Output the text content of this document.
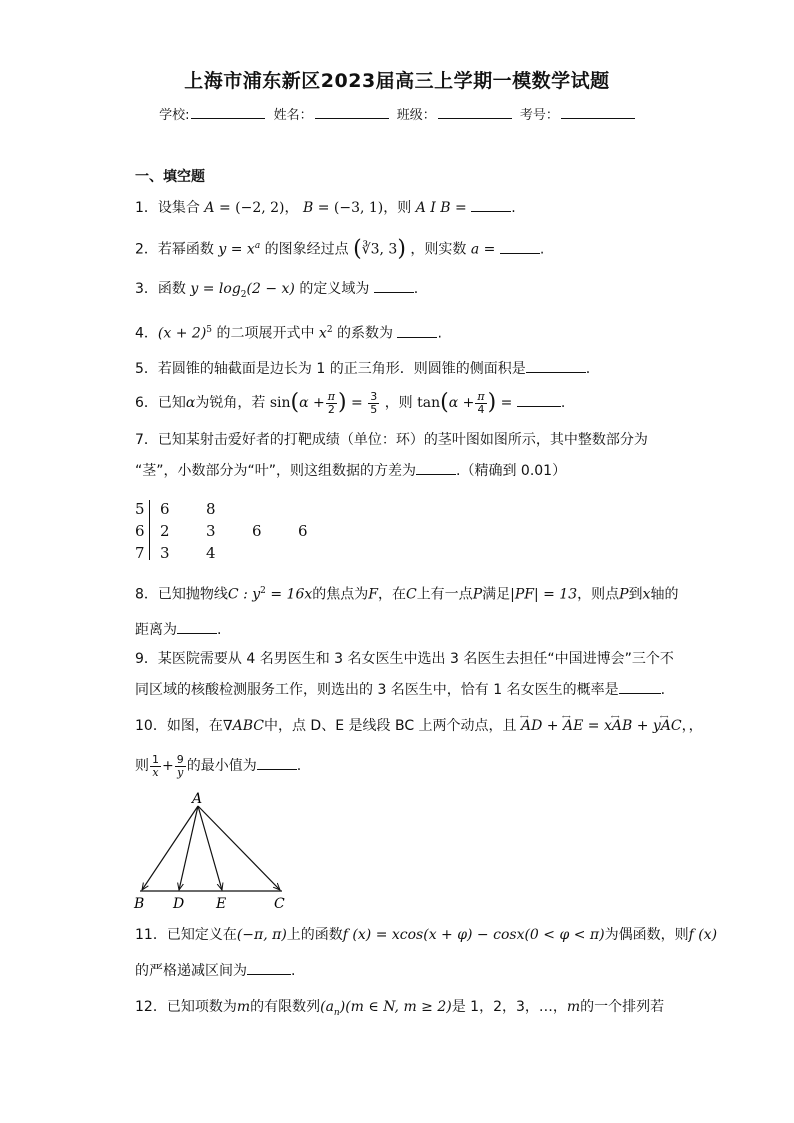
上海市浦东新区2023届高三上学期一模数学试题
学校:	姓名：	班级：	考号：
一、填空题
1．设集合 A = (−2, 2)， B = (−3, 1)，则 A I B =	.
2．若幂函数 $y = x^a$ 的图象经过点 (∛3, 3) ，则实数 a =	.
3．函数 $y = \log_2(2 - x)$ 的定义域为	.
4．$(x + 2)^5$ 的二项展开式中 $x^2$ 的系数为	.
5．若圆锥的轴截面是边长为 1 的正三角形．则圆锥的侧面积是	.
6．已知α为锐角，若 $\sin(\alpha + \frac{\pi}{2}$ ) = $\frac{3}{5}$ ，则 $\tan(\alpha + \frac{\pi}{4}$ ) =	.
7．已知某射击爱好者的打靶成绩（单位：环）的茎叶图如图所示，其中整数部分为
“茎”，小数部分为“叶”，则这组数据的方差为	.（精确到 0.01）
5 6 8
6 2 3 6 6
7 3 4
8．已知抛物线C : $y^2 = 16x$的焦点为F，在C上有一点P满足|PF| = 13，则点P到x轴的
距离为	.
9．某医院需要从 4 名男医生和 3 名女医生中选出 3 名医生去担任“中国进博会”三个不
同区域的核酸检测服务工作，则选出的 3 名医生中，恰有 1 名女医生的概率是	.
10．如图，在∇ABC中，点 D、E 是线段 BC 上两个动点，且 ←→ AD + ←→ AE = x←→ AB + y←→ AC，，
则 $\frac{1}{x} + \frac{9}{y}$ 的最小值为	.
A
B D E	C
11．已知定义在(−π, π)上的函数f (x) = xcos(x + φ) − cosx(0 < φ < π)为偶函数，则f (x)
的严格递减区间为	.
12．已知项数为m的有限数列$(a_n)(m$ ∈ N, m ≥ 2)是 1，2，3，…，m的一个排列若
